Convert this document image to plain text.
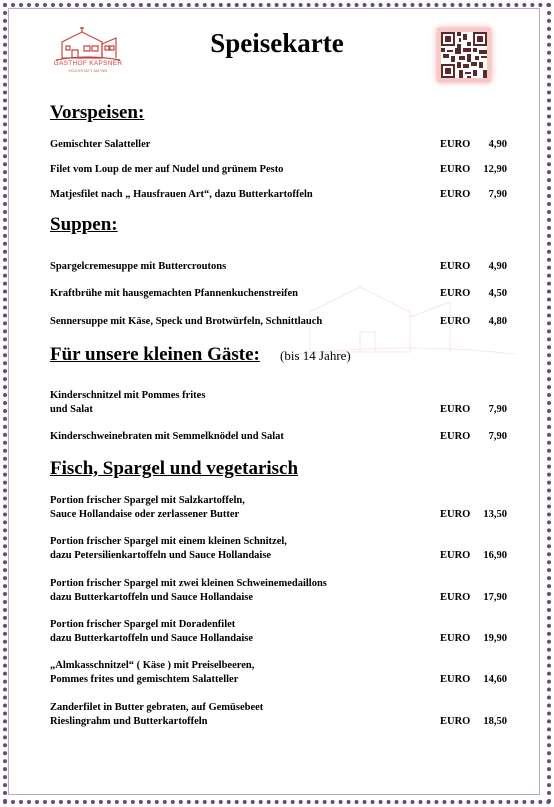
GASTHOF KAPSNER
HOCHSTATT AM INN
Speisekarte
Vorspeisen:
Suppen:
Für unsere kleinen Gäste: (bis 14 Jahre)
Fisch, Spargel und vegetarisch
Gemischter Salatteller	EURO 4,90
Filet vom Loup de mer auf Nudel und grünem Pesto	EURO 12,90
Matjesfilet nach „ Hausfrauen Art“, dazu Butterkartoffeln	EURO 7,90
Spargelcremesuppe mit Buttercroutons	EURO 4,90
Kraftbrühe mit hausgemachten Pfannenkuchenstreifen	EURO 4,50
Sennersuppe mit Käse, Speck und Brotwürfeln, Schnittlauch	EURO 4,80
Kinderschnitzel mit Pommes frites
und Salat	EURO 7,90
Kinderschweinebraten mit Semmelknödel und Salat	EURO 7,90
Portion frischer Spargel mit Salzkartoffeln,
Sauce Hollandaise oder zerlassener Butter	EURO 13,50
Portion frischer Spargel mit einem kleinen Schnitzel,
dazu Petersilienkartoffeln und Sauce Hollandaise	EURO 16,90
Portion frischer Spargel mit zwei kleinen Schweinemedaillons
dazu Butterkartoffeln und Sauce Hollandaise	EURO 17,90
Portion frischer Spargel mit Doradenfilet
dazu Butterkartoffeln und Sauce Hollandaise	EURO 19,90
„Almkasschnitzel“ ( Käse ) mit Preiselbeeren,
Pommes frites und gemischtem Salatteller	EURO 14,60
Zanderfilet in Butter gebraten, auf Gemüsebeet
Rieslingrahm und Butterkartoffeln	EURO 18,50
